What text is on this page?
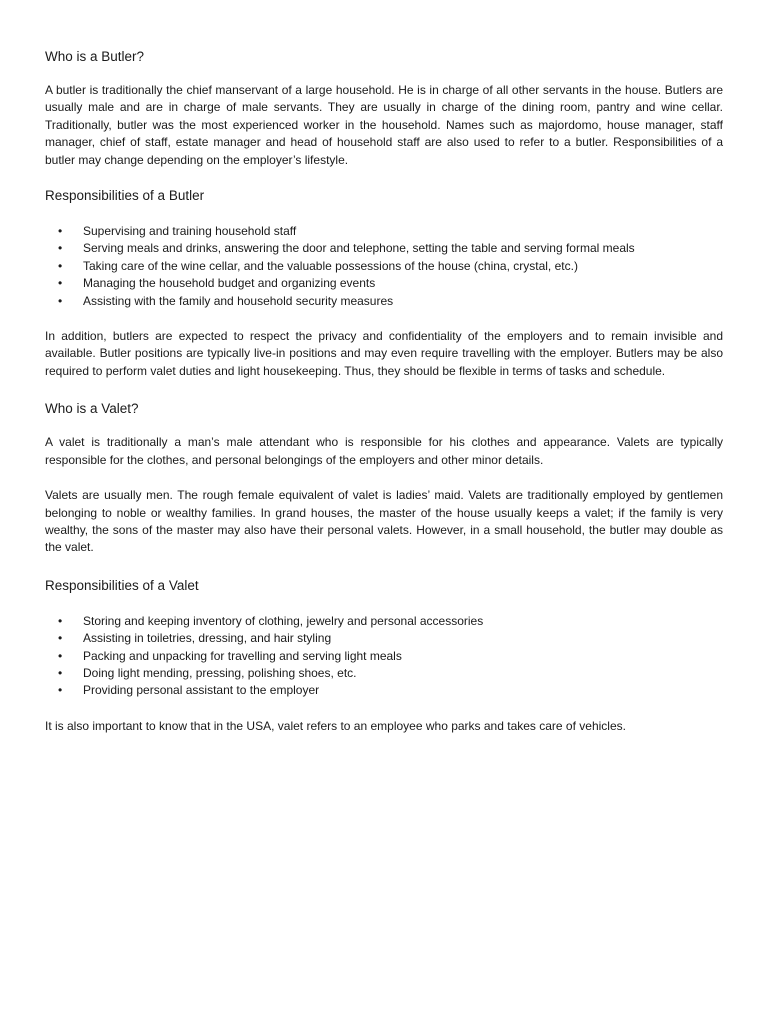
Who is a Butler?

A butler is traditionally the chief manservant of a large household. He is in charge of all other servants in the house. Butlers are usually male and are in charge of male servants. They are usually in charge of the dining room, pantry and wine cellar. Traditionally, butler was the most experienced worker in the household. Names such as majordomo, house manager, staff manager, chief of staff, estate manager and head of household staff are also used to refer to a butler. Responsibilities of a butler may change depending on the employer’s lifestyle.

Responsibilities of a Butler
• Supervising and training household staff
• Serving meals and drinks, answering the door and telephone, setting the table and serving formal meals
• Taking care of the wine cellar, and the valuable possessions of the house (china, crystal, etc.)
• Managing the household budget and organizing events
• Assisting with the family and household security measures

In addition, butlers are expected to respect the privacy and confidentiality of the employers and to remain invisible and available. Butler positions are typically live-in positions and may even require travelling with the employer. Butlers may be also required to perform valet duties and light housekeeping. Thus, they should be flexible in terms of tasks and schedule.

Who is a Valet?

A valet is traditionally a man’s male attendant who is responsible for his clothes and appearance. Valets are typically responsible for the clothes, and personal belongings of the employers and other minor details.

Valets are usually men. The rough female equivalent of valet is ladies’ maid. Valets are traditionally employed by gentlemen belonging to noble or wealthy families. In grand houses, the master of the house usually keeps a valet; if the family is very wealthy, the sons of the master may also have their personal valets. However, in a small household, the butler may double as the valet.

Responsibilities of a Valet
• Storing and keeping inventory of clothing, jewelry and personal accessories
• Assisting in toiletries, dressing, and hair styling
• Packing and unpacking for travelling and serving light meals
• Doing light mending, pressing, polishing shoes, etc.
• Providing personal assistant to the employer

It is also important to know that in the USA, valet refers to an employee who parks and takes care of vehicles.
